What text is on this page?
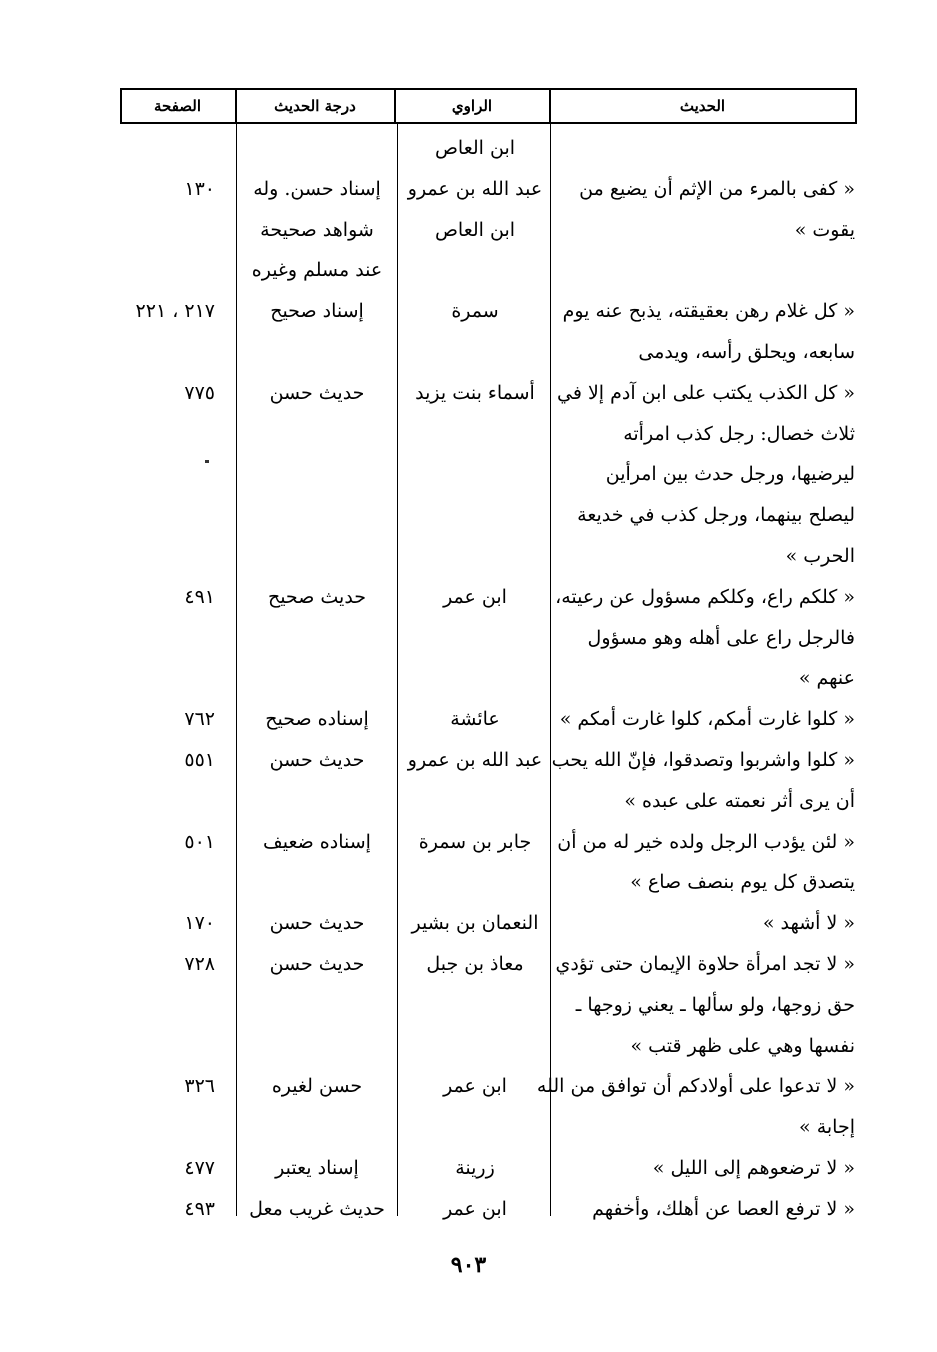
الحديث
الراوي
درجة الحديث
الصفحة
ابن العاص
« كفى بالمرء من الإثم أن يضيع من
عبد الله بن عمرو
إسناد حسن. وله
١٣٠
يقوت »
ابن العاص
شواهد صحيحة
عند مسلم وغيره
« كل غلام رهن بعقيقته، يذبح عنه يوم
سمرة
إسناد صحيح
٢١٧ ، ٢٢١
سابعه، ويحلق رأسه، ويدمى
« كل الكذب يكتب على ابن آدم إلا في
أسماء بنت يزيد
حديث حسن
٧٧٥
ثلاث خصال: رجل كذب امرأته
ليرضيها، ورجل حدث بين امرأين
ليصلح بينهما، ورجل كذب في خديعة
الحرب »
« كلكم راع، وكلكم مسؤول عن رعيته،
ابن عمر
حديث صحيح
٤٩١
فالرجل راع على أهله وهو مسؤول
عنهم »
« كلوا غارت أمكم، كلوا غارت أمكم »
عائشة
إسناده صحيح
٧٦٢
« كلوا واشربوا وتصدقوا، فإنّ الله يحب
عبد الله بن عمرو
حديث حسن
٥٥١
أن يرى أثر نعمته على عبده »
« لئن يؤدب الرجل ولده خير له من أن
جابر بن سمرة
إسناده ضعيف
٥٠١
يتصدق كل يوم بنصف صاع »
« لا أشهد »
النعمان بن بشير
حديث حسن
١٧٠
« لا تجد امرأة حلاوة الإيمان حتى تؤدي
معاذ بن جبل
حديث حسن
٧٢٨
حق زوجها، ولو سألها ـ يعني زوجها ـ
نفسها وهي على ظهر قتب »
« لا تدعوا على أولادكم أن توافق من الله
ابن عمر
حسن لغيره
٣٢٦
إجابة »
« لا ترضعوهم إلى الليل »
زرينة
إسناد يعتبر
٤٧٧
« لا ترفع العصا عن أهلك، وأخفهم
ابن عمر
حديث غريب معل
٤٩٣
٩٠٣
